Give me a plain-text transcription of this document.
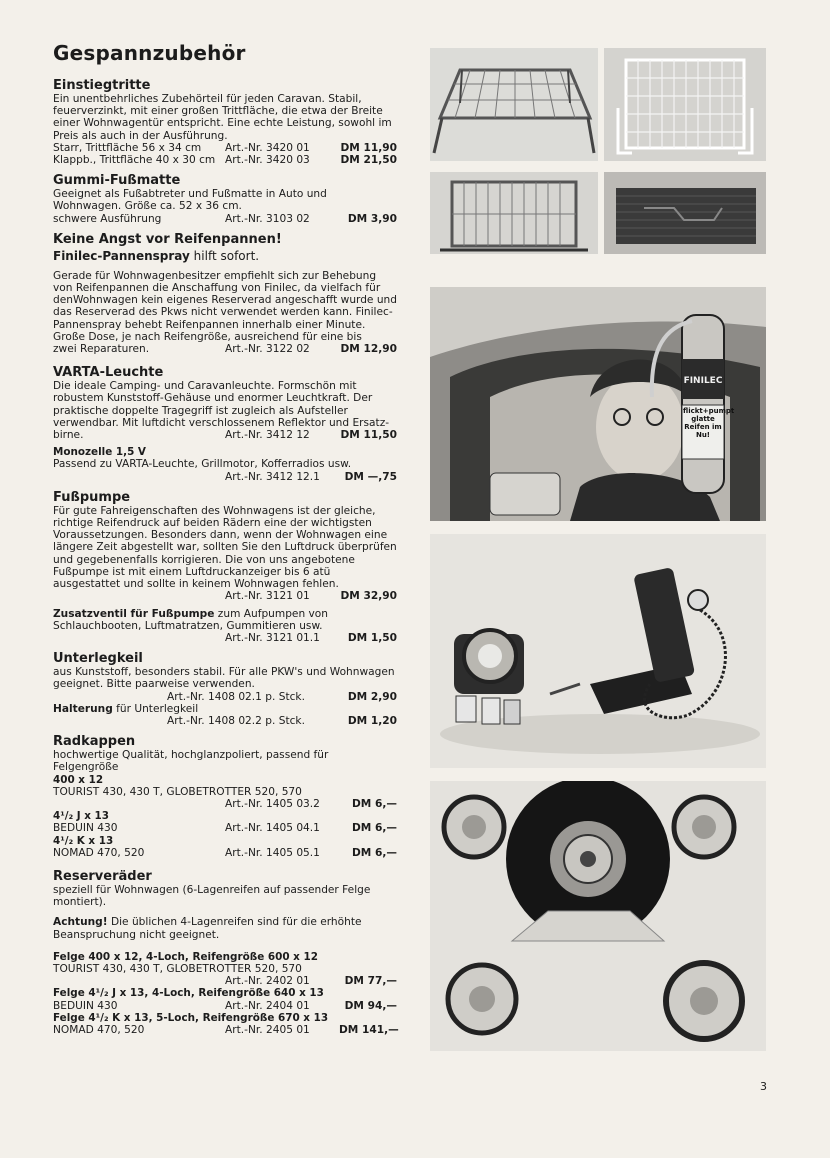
Gespannzubehör
Einstiegtritte

Ein unentbehrliches Zubehörteil für jeden Caravan. Stabil, feuerverzinkt, mit einer großen Trittfläche, die etwa der Breite einer Wohnwagentür entspricht. Eine echte Leistung, sowohl im Preis als auch in der Ausführung.

Starr, Trittfläche 56 x 34 cm	Art.-Nr. 3420 01	DM 11,90
Klappb., Trittfläche 40 x 30 cm Art.-Nr. 3420 03	DM 21,50
Gummi-Fußmatte

Geeignet als Fußabtreter und Fußmatte in Auto und Wohnwagen. Größe ca. 52 x 36 cm.

schwere Ausführung	Art.-Nr. 3103 02	DM 3,90
Keine Angst vor Reifenpannen!
Finilec-Pannenspray hilft sofort.

Gerade für Wohnwagenbesitzer empfiehlt sich zur Behebung von Reifenpannen die Anschaffung von Finilec, da vielfach für denWohnwagen kein eigenes Reserverad angeschafft wurde und das Reserverad des Pkws nicht verwendet werden kann. Finilec-Pannenspray behebt Reifenpannen innerhalb einer Minute.

Große Dose, je nach Reifengröße, ausreichend für eine bis

zwei Reparaturen.	Art.-Nr. 3122 02	DM 12,90
VARTA-Leuchte

Die ideale Camping- und Caravanleuchte. Formschön mit robustem Kunststoff-Gehäuse und enormer Leuchtkraft. Der praktische doppelte Tragegriff ist zugleich als Aufsteller verwendbar. Mit luftdicht verschlossenem Reflektor und Ersatz-

birne.	Art.-Nr. 3412 12	DM 11,50

Monozelle 1,5 V

Passend zu VARTA-Leuchte, Grillmotor, Kofferradios usw.

Art.-Nr. 3412 12.1	DM —,75
Fußpumpe

Für gute Fahreigenschaften des Wohnwagens ist der gleiche, richtige Reifendruck auf beiden Rädern eine der wichtigsten Voraussetzungen. Besonders dann, wenn der Wohnwagen eine längere Zeit abgestellt war, sollten Sie den Luftdruck überprüfen und gegebenenfalls korrigieren. Die von uns angebotene Fußpumpe ist mit einem Luftdruckanzeiger bis 6 atü ausgestattet und sollte in keinem Wohnwagen fehlen.

Art.-Nr. 3121 01	DM 32,90

Zusatzventil für Fußpumpe zum Aufpumpen von Schlauchbooten, Luftmatratzen, Gummitieren usw.

Art.-Nr. 3121 01.1	DM 1,50
Unterlegkeil

aus Kunststoff, besonders stabil. Für alle PKW's und Wohnwagen geeignet. Bitte paarweise verwenden.

Art.-Nr. 1408 02.1 p. Stck.	DM 2,90

Halterung für Unterlegkeil

Art.-Nr. 1408 02.2 p. Stck.	DM 1,20
Radkappen

hochwertige Qualität, hochglanzpoliert, passend für Felgengröße

400 x 12

TOURIST 430, 430 T, GLOBETROTTER 520, 570

Art.-Nr. 1405 03.2	DM 6,—

4¹/₂ J x 13

BEDUIN 430	Art.-Nr. 1405 04.1	DM 6,—

4¹/₂ K x 13

NOMAD 470, 520	Art.-Nr. 1405 05.1	DM 6,—
Reserveräder

speziell für Wohnwagen (6-Lagenreifen auf passender Felge montiert).

Achtung! Die üblichen 4-Lagenreifen sind für die erhöhte Beanspruchung nicht geeignet.

Felge 400 x 12, 4-Loch, Reifengröße 600 x 12

TOURIST 430, 430 T, GLOBETROTTER 520, 570

Art.-Nr. 2402 01	DM 77,—

Felge 4¹/₂ J x 13, 4-Loch, Reifengröße 640 x 13

BEDUIN 430	Art.-Nr. 2404 01	DM 94,—

Felge 4¹/₂ K x 13, 5-Loch, Reifengröße 670 x 13

NOMAD 470, 520	Art.-Nr. 2405 01	DM 141,—
FINILEC
flickt+pumpt glatte Reifen im Nu!
3
